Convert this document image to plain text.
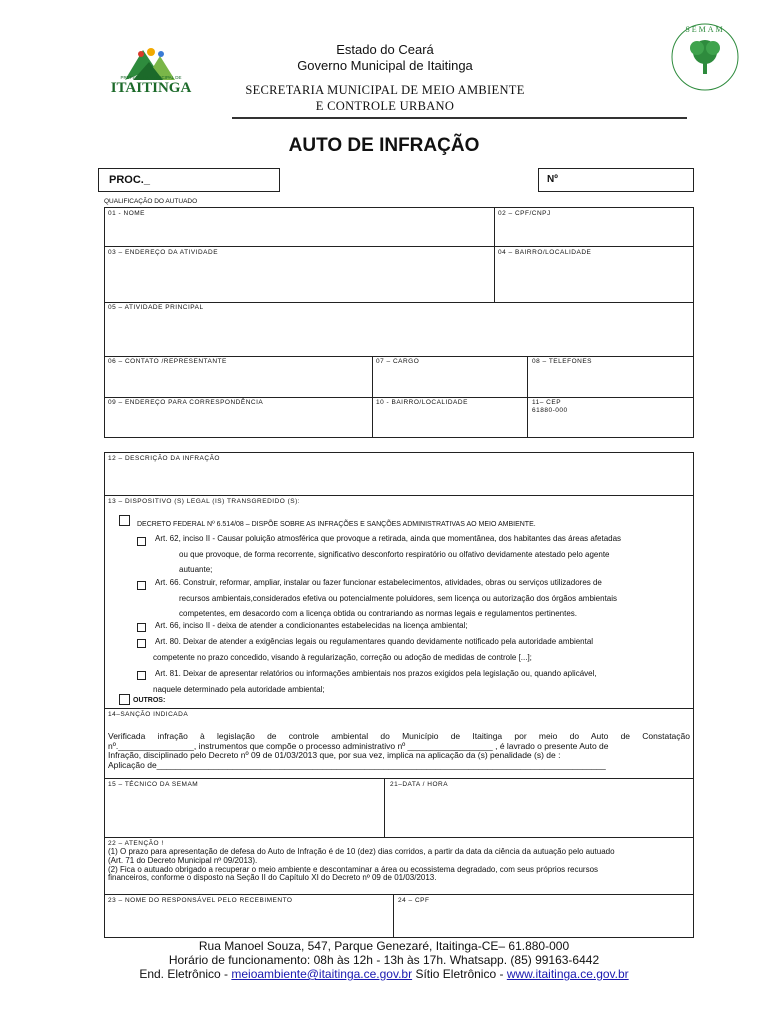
PREFEITURA MUNICIPAL DE
ITAITINGA
Estado do Ceará
Governo Municipal de Itaitinga
SECRETARIA MUNICIPAL DE MEIO AMBIENTE
E CONTROLE URBANO
SEMAM
AUTO DE INFRAÇÃO
PROC._	Nº
QUALIFICAÇÃO DO AUTUADO
01 - NOME	02 – CPF/CNPJ
03 – ENDEREÇO DA ATIVIDADE	04 – BAIRRO/LOCALIDADE
05 – ATIVIDADE PRINCIPAL
06 – CONTATO /REPRESENTANTE	07 – CARGO	08 – TELEFONES
09 – ENDEREÇO PARA CORRESPONDÊNCIA	10 - BAIRRO/LOCALIDADE	11– CEP
61880-000
12 – DESCRIÇÃO DA INFRAÇÃO
13 – DISPOSITIVO (S) LEGAL (IS) TRANSGREDIDO (S):
DECRETO FEDERAL Nº 6.514/08 – DISPÕE SOBRE AS INFRAÇÕES E SANÇÕES ADMINISTRATIVAS AO MEIO AMBIENTE.
Art. 62, inciso II - Causar poluição atmosférica que provoque a retirada, ainda que momentânea, dos habitantes das áreas afetadas
ou que provoque, de forma recorrente, significativo desconforto respiratório ou olfativo devidamente atestado pelo agente
autuante;
Art. 66. Construir, reformar, ampliar, instalar ou fazer funcionar estabelecimentos, atividades, obras ou serviços utilizadores de
recursos ambientais,considerados efetiva ou potencialmente poluidores, sem licença ou autorização dos órgãos ambientais
competentes, em desacordo com a licença obtida ou contrariando as normas legais e regulamentos pertinentes.
Art. 66, inciso II - deixa de atender a condicionantes estabelecidas na licença ambiental;
Art. 80. Deixar de atender a exigências legais ou regulamentares quando devidamente notificado pela autoridade ambiental
competente no prazo concedido, visando à regularização, correção ou adoção de medidas de controle [...];
Art. 81. Deixar de apresentar relatórios ou informações ambientais nos prazos exigidos pela legislação ou, quando aplicável,
naquele determinado pela autoridade ambiental;
OUTROS:
14–SANÇÃO INDICADA
Verificada infração à legislação de controle ambiental do Município de Itaitinga por meio do Auto de Constatação
nº.________________, instrumentos que compõe o processo administrativo nº __________________ , é lavrado o presente Auto de
Infração, disciplinado pelo Decreto nº 09 de 01/03/2013 que, por sua vez, implica na aplicação da (s) penalidade (s) de :
Aplicação de_______________________________________________________________________________________________
15 – TÉCNICO DA SEMAM	21–DATA / HORA
22 – ATENÇÃO !
(1) O prazo para apresentação de defesa do Auto de Infração é de 10 (dez) dias corridos, a partir da data da ciência da autuação pelo autuado
(Art. 71 do Decreto Municipal nº 09/2013).
(2) Fica o autuado obrigado a recuperar o meio ambiente e descontaminar a área ou ecossistema degradado, com seus próprios recursos
financeiros, conforme o disposto na Seção II do Capítulo XI do Decreto nº 09 de 01/03/2013.
23 – NOME DO RESPONSÁVEL PELO RECEBIMENTO	24 – CPF
Rua Manoel Souza, 547, Parque Genezaré, Itaitinga-CE– 61.880-000
Horário de funcionamento: 08h às 12h - 13h às 17h. Whatsapp. (85) 99163-6442
End. Eletrônico - meioambiente@itaitinga.ce.gov.br Sítio Eletrônico - www.itaitinga.ce.gov.br
